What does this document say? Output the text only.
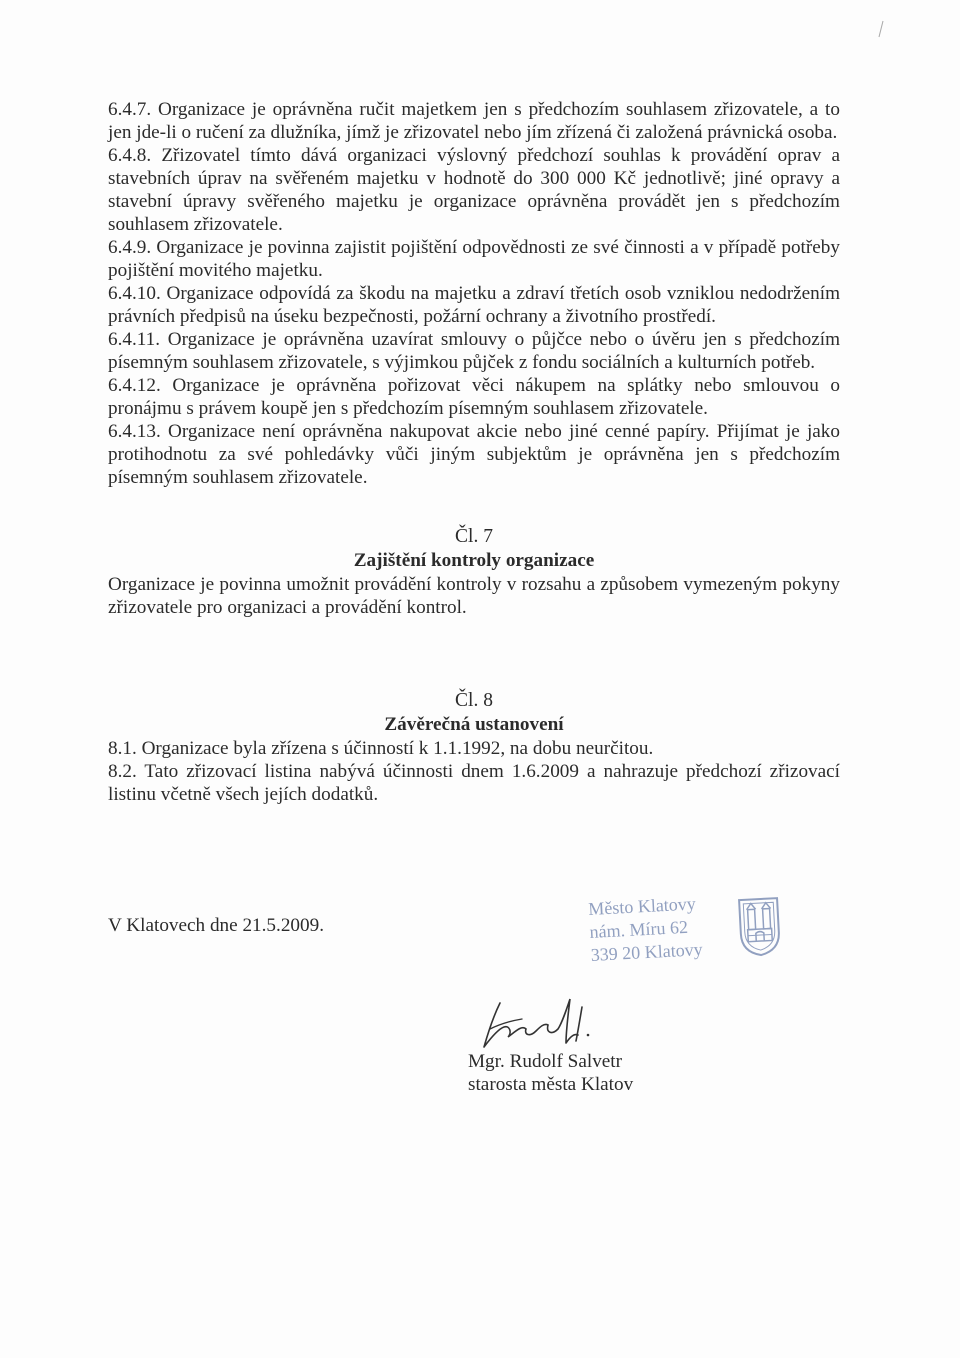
6.4.7. Organizace je oprávněna ručit majetkem jen s předchozím souhlasem zřizovatele, a to jen jde-li o ručení za dlužníka, jímž je zřizovatel nebo jím zřízená či založená právnická osoba.

6.4.8. Zřizovatel tímto dává organizaci výslovný předchozí souhlas k provádění oprav a stavebních úprav na svěřeném majetku v hodnotě do 300 000 Kč jednotlivě; jiné opravy a stavební úpravy svěřeného majetku je organizace oprávněna provádět jen s předchozím souhlasem zřizovatele.

6.4.9. Organizace je povinna zajistit pojištění odpovědnosti ze své činnosti a v případě potřeby pojištění movitého majetku.

6.4.10. Organizace odpovídá za škodu na majetku a zdraví třetích osob vzniklou nedodržením právních předpisů na úseku bezpečnosti, požární ochrany a životního prostředí.

6.4.11. Organizace je oprávněna uzavírat smlouvy o půjčce nebo o úvěru jen s předchozím písemným souhlasem zřizovatele, s výjimkou půjček z fondu sociálních a kulturních potřeb.

6.4.12. Organizace je oprávněna pořizovat věci nákupem na splátky nebo smlouvou o pronájmu s právem koupě jen s předchozím písemným souhlasem zřizovatele.

6.4.13. Organizace není oprávněna nakupovat akcie nebo jiné cenné papíry. Přijímat je jako protihodnotu za své pohledávky vůči jiným subjektům je oprávněna jen s předchozím písemným souhlasem zřizovatele.

Čl. 7

Zajištění kontroly organizace

Organizace je povinna umožnit provádění kontroly v rozsahu a způsobem vymezeným pokyny zřizovatele pro organizaci a provádění kontrol.

Čl. 8

Závěrečná ustanovení

8.1. Organizace byla zřízena s účinností k 1.1.1992, na dobu neurčitou.

8.2. Tato zřizovací listina nabývá účinnosti dnem 1.6.2009 a nahrazuje předchozí zřizovací listinu včetně všech jejích dodatků.

V Klatovech dne 21.5.2009.
Město Klatovy
nám. Míru 62
339 20 Klatovy
Mgr. Rudolf Salvetr
starosta města Klatov
